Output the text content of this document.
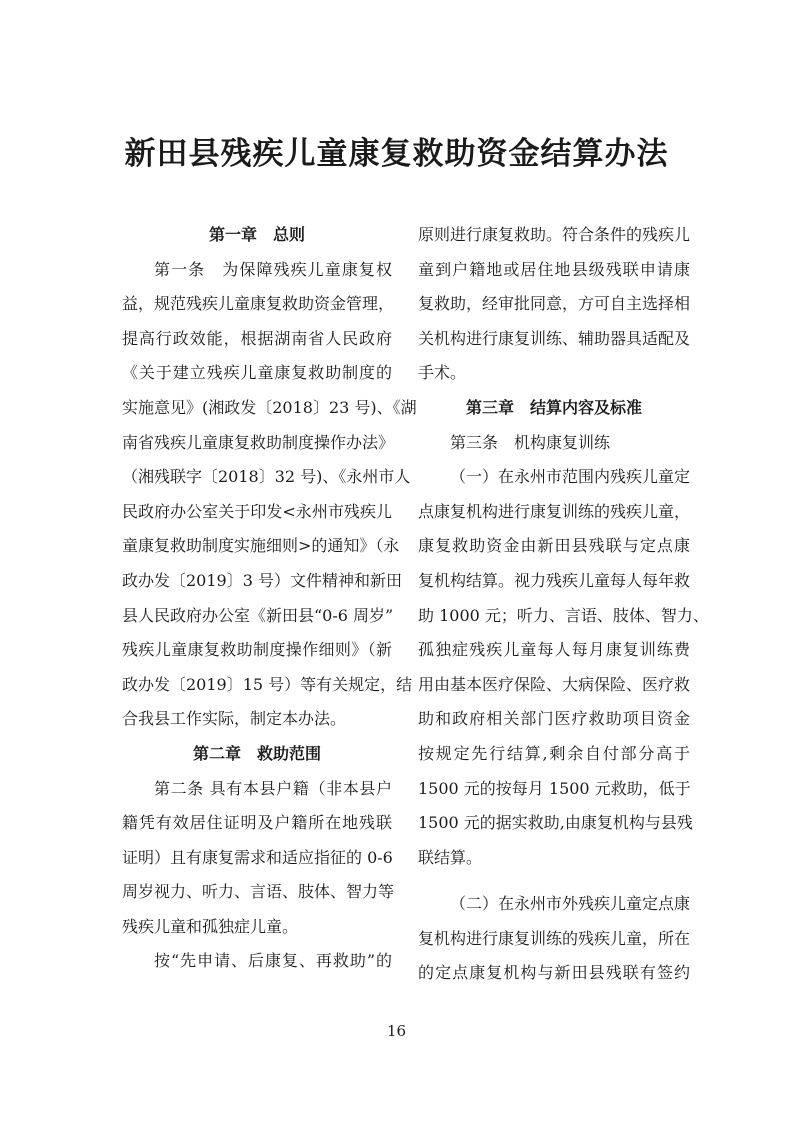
新田县残疾儿童康复救助资金结算办法
第一章　总则
第一条　为保障残疾儿童康复权
益，规范残疾儿童康复救助资金管理，
提高行政效能，根据湖南省人民政府
《关于建立残疾儿童康复救助制度的
实施意见》(湘政发〔2018〕23 号)、《湖
南省残疾儿童康复救助制度操作办法》
（湘残联字〔2018〕32 号)、《永州市人
民政府办公室关于印发<永州市残疾儿
童康复救助制度实施细则>的通知》（永
政办发〔2019〕3 号）文件精神和新田
县人民政府办公室《新田县“0-6 周岁”
残疾儿童康复救助制度操作细则》（新
政办发〔2019〕15 号）等有关规定，结
合我县工作实际，制定本办法。
第二章　救助范围
第二条 具有本县户籍（非本县户
籍凭有效居住证明及户籍所在地残联
证明）且有康复需求和适应指征的 0-6
周岁视力、听力、言语、肢体、智力等
残疾儿童和孤独症儿童。
按“先申请、后康复、再救助”的
原则进行康复救助。符合条件的残疾儿
童到户籍地或居住地县级残联申请康
复救助，经审批同意，方可自主选择相
关机构进行康复训练、辅助器具适配及
手术。
第三章　结算内容及标准
第三条　机构康复训练
（一）在永州市范围内残疾儿童定
点康复机构进行康复训练的残疾儿童，
康复救助资金由新田县残联与定点康
复机构结算。视力残疾儿童每人每年救
助 1000 元；听力、言语、肢体、智力、
孤独症残疾儿童每人每月康复训练费
用由基本医疗保险、大病保险、医疗救
助和政府相关部门医疗救助项目资金
按规定先行结算,剩余自付部分高于
1500 元的按每月 1500 元救助，低于
1500 元的据实救助,由康复机构与县残
联结算。
（二）在永州市外残疾儿童定点康
复机构进行康复训练的残疾儿童，所在
的定点康复机构与新田县残联有签约
16
